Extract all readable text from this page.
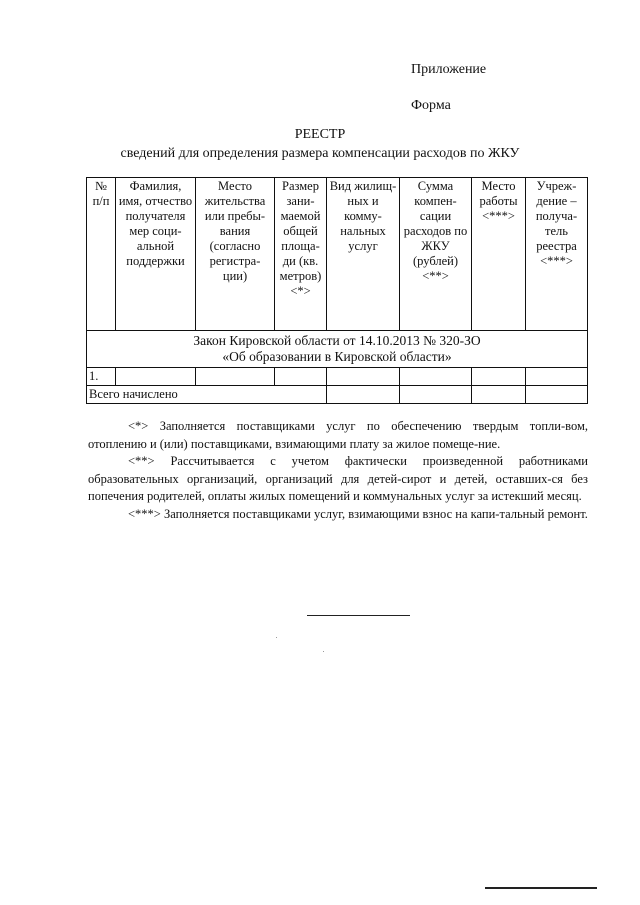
Приложение
Форма
РЕЕСТР
сведений для определения размера компенсации расходов по ЖКУ
№ п/п	Фамилия, имя, отчество получателя мер соци-альной поддержки	Место жительства или пребы-вания (согласно регистра-ции)	Размер зани-маемой общей площа-ди (кв. метров) <*>	Вид жилищ-ных и комму-нальных услуг	Сумма компен-сации расходов по ЖКУ (рублей) <**>	Место работы <***>	Учреж-дение – получа-тель реестра <***>

Закон Кировской области от 14.10.2013 № 320-ЗО
«Об образовании в Кировской области»							

1.							
Всего начислено							

<*> Заполняется поставщиками услуг по обеспечению твердым топли-вом, отоплению и (или) поставщиками, взимающими плату за жилое помеще-ние.

<**> Рассчитывается с учетом фактически произведенной работниками образовательных организаций, организаций для детей-сирот и детей, оставших-ся без попечения родителей, оплаты жилых помещений и коммунальных услуг за истекший месяц.

<***> Заполняется поставщиками услуг, взимающими взнос на капи-тальный ремонт.
